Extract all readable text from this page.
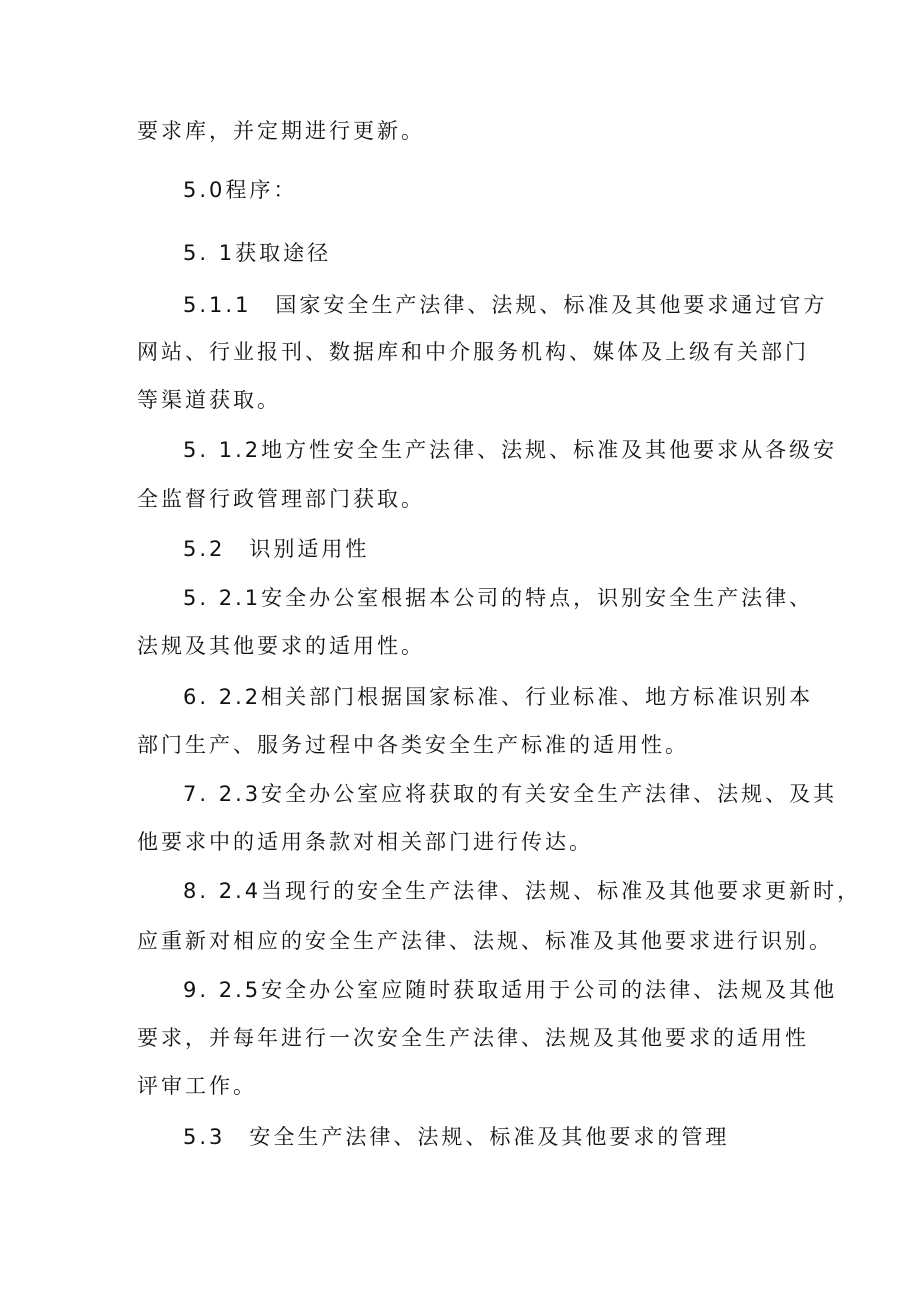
要求库，并定期进行更新。
5.0程序：
5. 1获取途径
5.1.1　国家安全生产法律、法规、标准及其他要求通过官方
网站、行业报刊、数据库和中介服务机构、媒体及上级有关部门
等渠道获取。
5. 1.2地方性安全生产法律、法规、标准及其他要求从各级安
全监督行政管理部门获取。
5.2　识别适用性
5. 2.1安全办公室根据本公司的特点，识别安全生产法律、
法规及其他要求的适用性。
6. 2.2相关部门根据国家标准、行业标准、地方标准识别本
部门生产、服务过程中各类安全生产标准的适用性。
7. 2.3安全办公室应将获取的有关安全生产法律、法规、及其
他要求中的适用条款对相关部门进行传达。
8. 2.4当现行的安全生产法律、法规、标准及其他要求更新时，
应重新对相应的安全生产法律、法规、标准及其他要求进行识别。
9. 2.5安全办公室应随时获取适用于公司的法律、法规及其他
要求，并每年进行一次安全生产法律、法规及其他要求的适用性
评审工作。
5.3　安全生产法律、法规、标准及其他要求的管理
